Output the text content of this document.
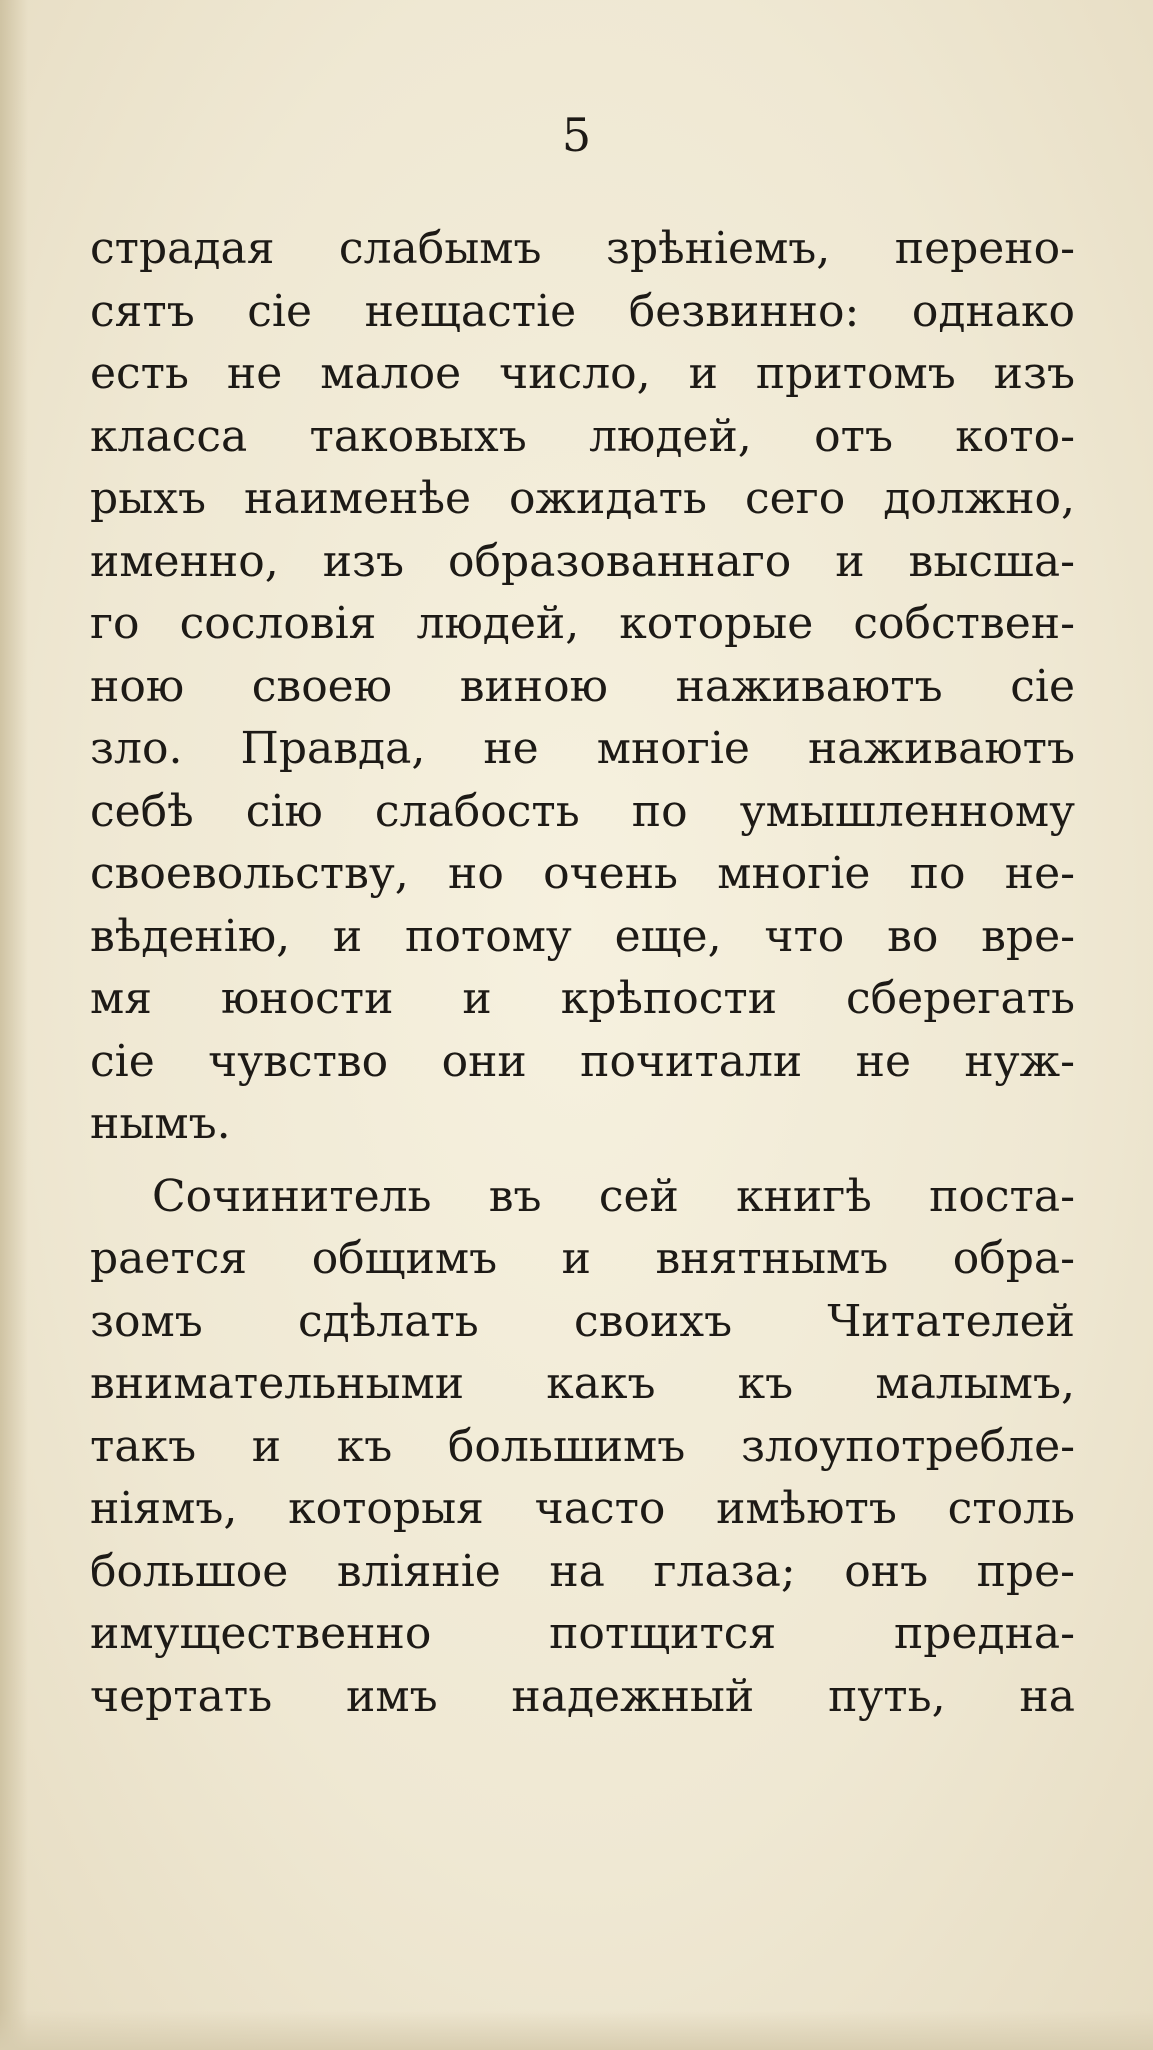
5
страдая слабымъ зрѣнiемъ, перено-
сятъ сiе нещастiе безвинно: однако
есть не малое число, и притомъ изъ
класса таковыхъ людей, отъ кото-
рыхъ наименѣе ожидать сего должно,
именно, изъ образованнаго и высша-
го сословiя людей, которые собствен-
ною своею виною наживаютъ сiе
зло. Правда, не многiе наживаютъ
себѣ сiю слабость по умышленному
своевольству, но очень многiе по не-
вѣденiю, и потому еще, что во вре-
мя юности и крѣпости сберегать
сiе чувство они почитали не нуж-
нымъ.
Сочинитель въ сей книгѣ поста-
рается общимъ и внятнымъ обра-
зомъ сдѣлать своихъ Читателей
внимательными какъ къ малымъ,
такъ и къ большимъ злоупотребле-
нiямъ, которыя часто имѣютъ столь
большое влiянiе на глаза; онъ пре-
имущественно потщится предна-
чертать имъ надежный путь, на
